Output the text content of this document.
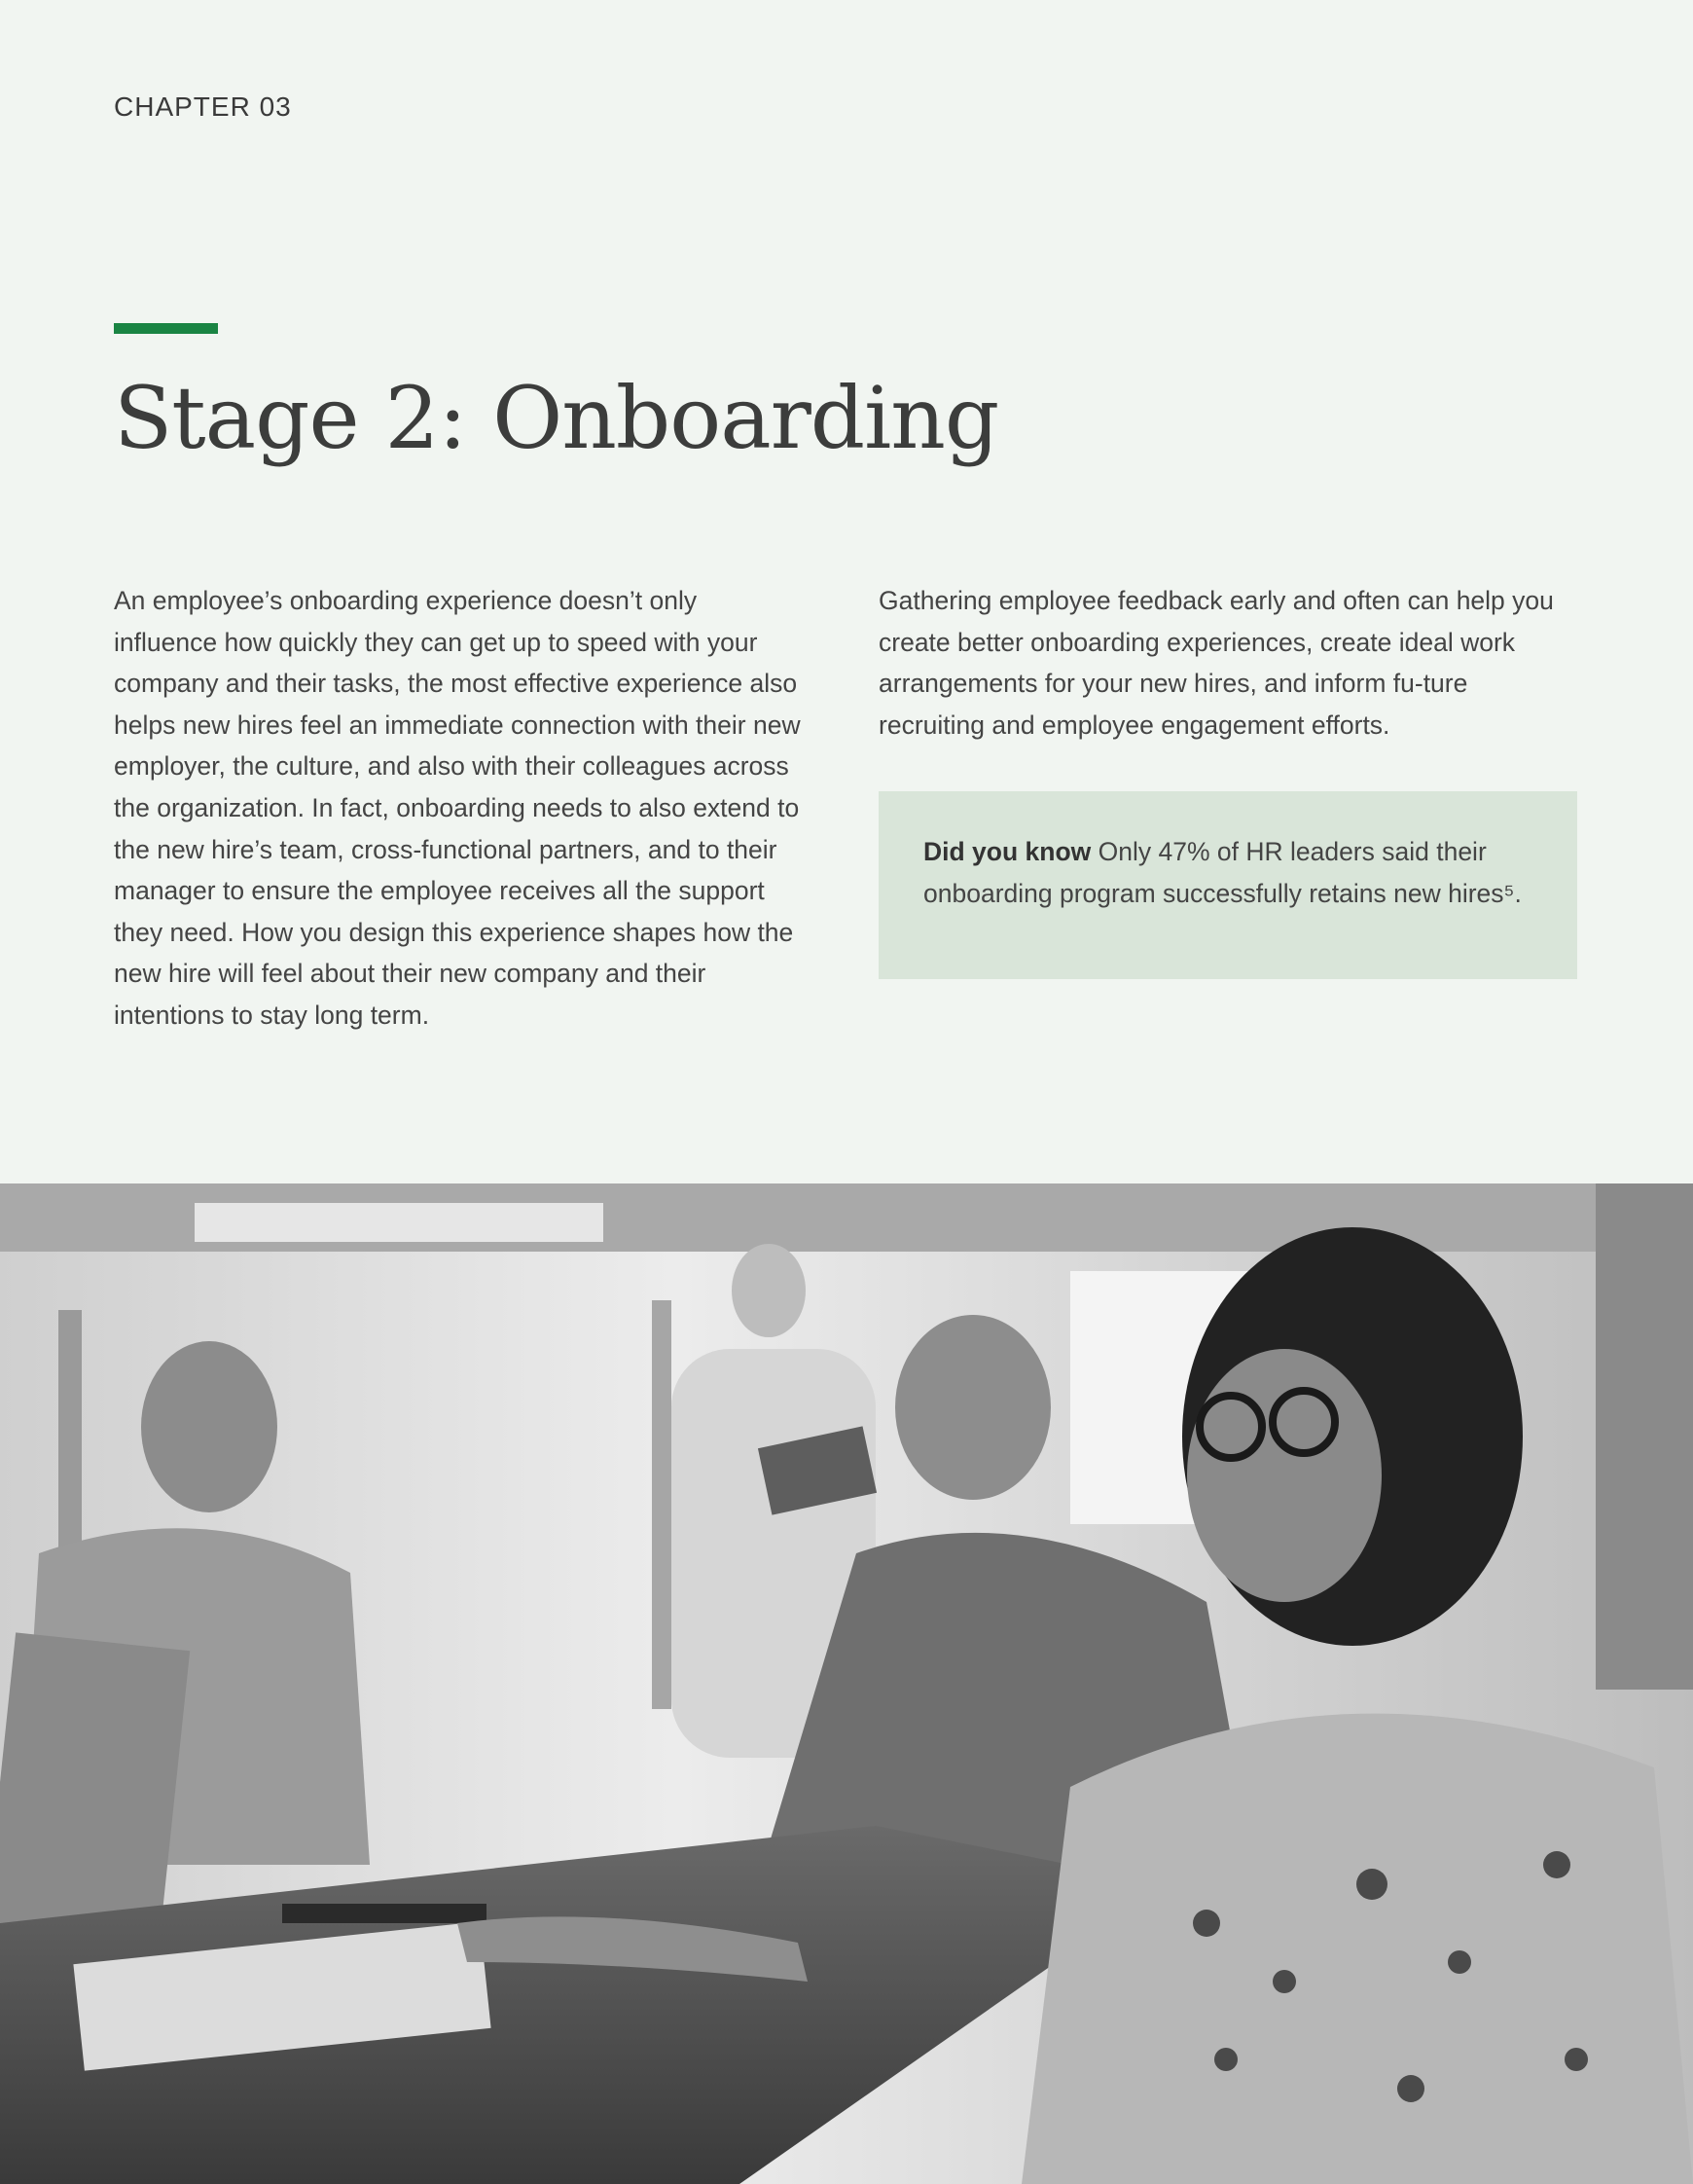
CHAPTER 03
Stage 2: Onboarding

An employee’s onboarding experience doesn’t only influence how quickly they can get up to speed with your company and their tasks, the most effective experience also helps new hires feel an immediate connection with their new employer, the culture, and also with their colleagues across the organization. In fact, onboarding needs to also extend to the new hire’s team, cross-functional partners, and to their manager to ensure the employee receives all the support they need. How you design this experience shapes how the new hire will feel about their new company and their intentions to stay long term.

Gathering employee feedback early and often can help you create better onboarding experiences, create ideal work arrangements for your new hires, and inform fu-ture recruiting and employee engagement efforts.

Did you know Only 47% of HR leaders said their onboarding program successfully retains new hires⁵.
